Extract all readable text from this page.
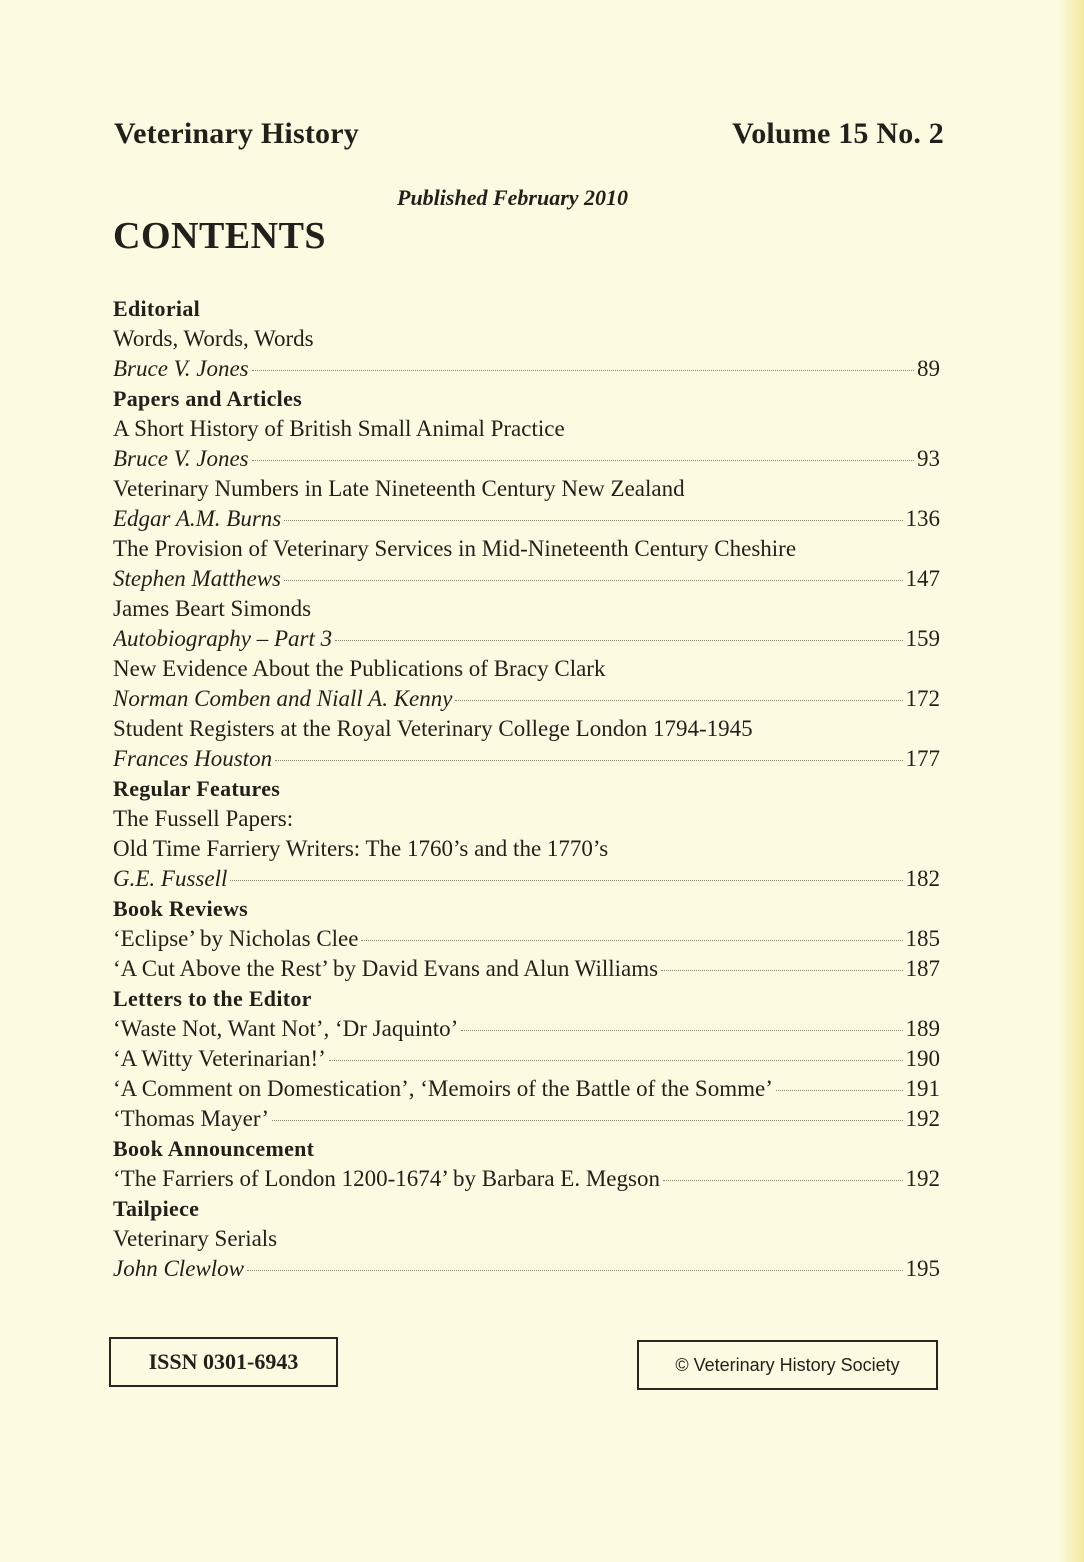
Veterinary History	Volume 15 No. 2
Published February 2010
CONTENTS
Editorial
Words, Words, Words
Bruce V. Jones	89
Papers and Articles
A Short History of British Small Animal Practice
Bruce V. Jones	93
Veterinary Numbers in Late Nineteenth Century New Zealand
Edgar A.M. Burns	136
The Provision of Veterinary Services in Mid-Nineteenth Century Cheshire
Stephen Matthews	147
James Beart Simonds
Autobiography – Part 3	159
New Evidence About the Publications of Bracy Clark
Norman Comben and Niall A. Kenny	172
Student Registers at the Royal Veterinary College London 1794-1945
Frances Houston	177
Regular Features
The Fussell Papers:
Old Time Farriery Writers: The 1760’s and the 1770’s
G.E. Fussell	182
Book Reviews
‘Eclipse’ by Nicholas Clee	185
‘A Cut Above the Rest’ by David Evans and Alun Williams	187
Letters to the Editor
‘Waste Not, Want Not’, ‘Dr Jaquinto’	189
‘A Witty Veterinarian!’	190
‘A Comment on Domestication’, ‘Memoirs of the Battle of the Somme’	191
‘Thomas Mayer’	192
Book Announcement
‘The Farriers of London 1200-1674’ by Barbara E. Megson	192
Tailpiece
Veterinary Serials
John Clewlow	195
ISSN 0301-6943	© Veterinary History Society
